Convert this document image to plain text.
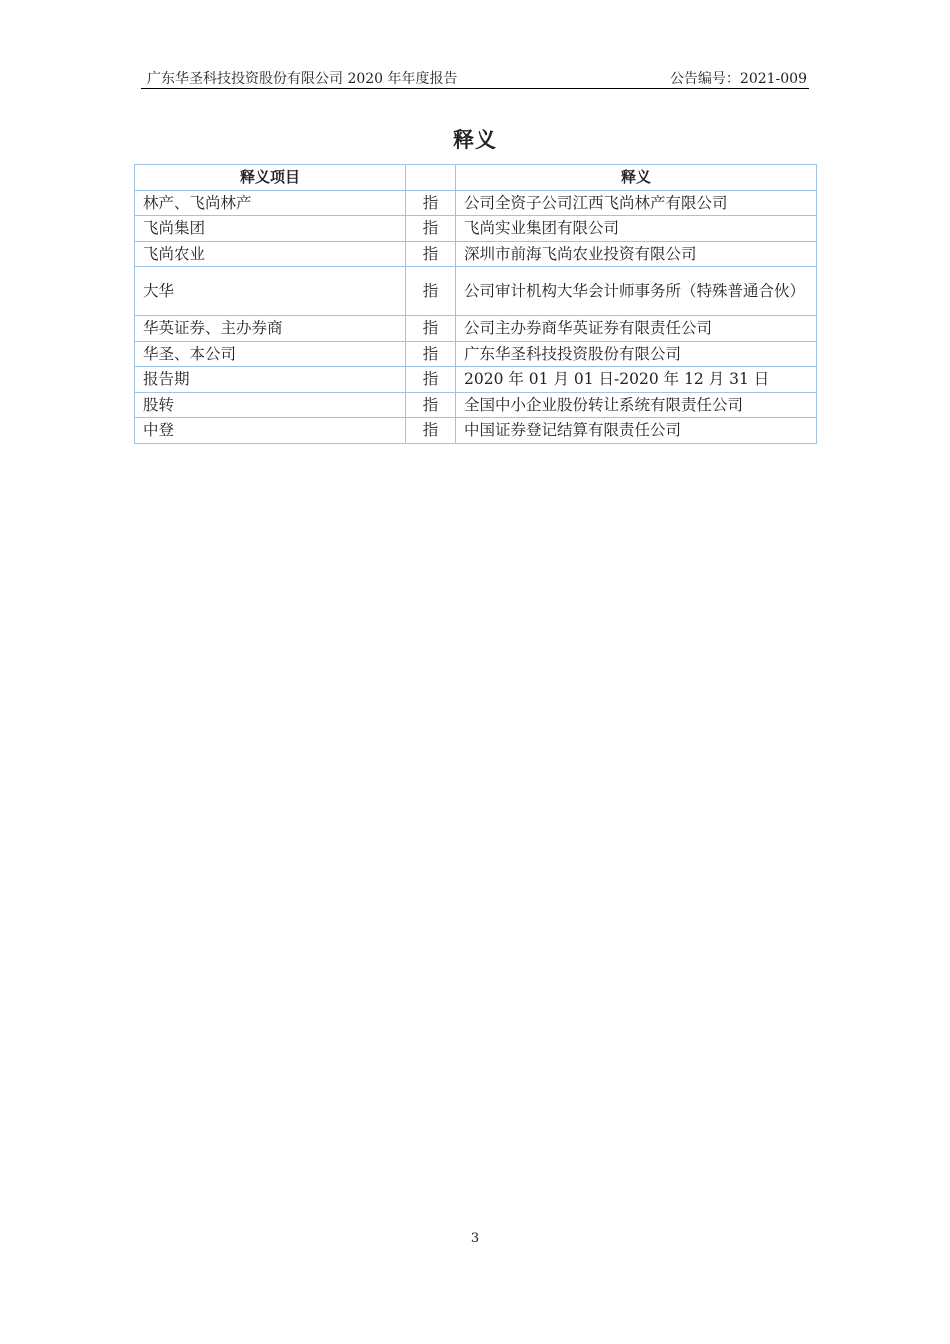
广东华圣科技投资股份有限公司 2020 年年度报告	公告编号：2021-009
释义
释义项目		释义
林产、飞尚林产	指	公司全资子公司江西飞尚林产有限公司
飞尚集团	指	飞尚实业集团有限公司
飞尚农业	指	深圳市前海飞尚农业投资有限公司
大华	指	公司审计机构大华会计师事务所（特殊普通合伙）
华英证券、主办券商	指	公司主办券商华英证券有限责任公司
华圣、本公司	指	广东华圣科技投资股份有限公司
报告期	指	2020 年 01 月 01 日-2020 年 12 月 31 日
股转	指	全国中小企业股份转让系统有限责任公司
中登	指	中国证券登记结算有限责任公司
3
